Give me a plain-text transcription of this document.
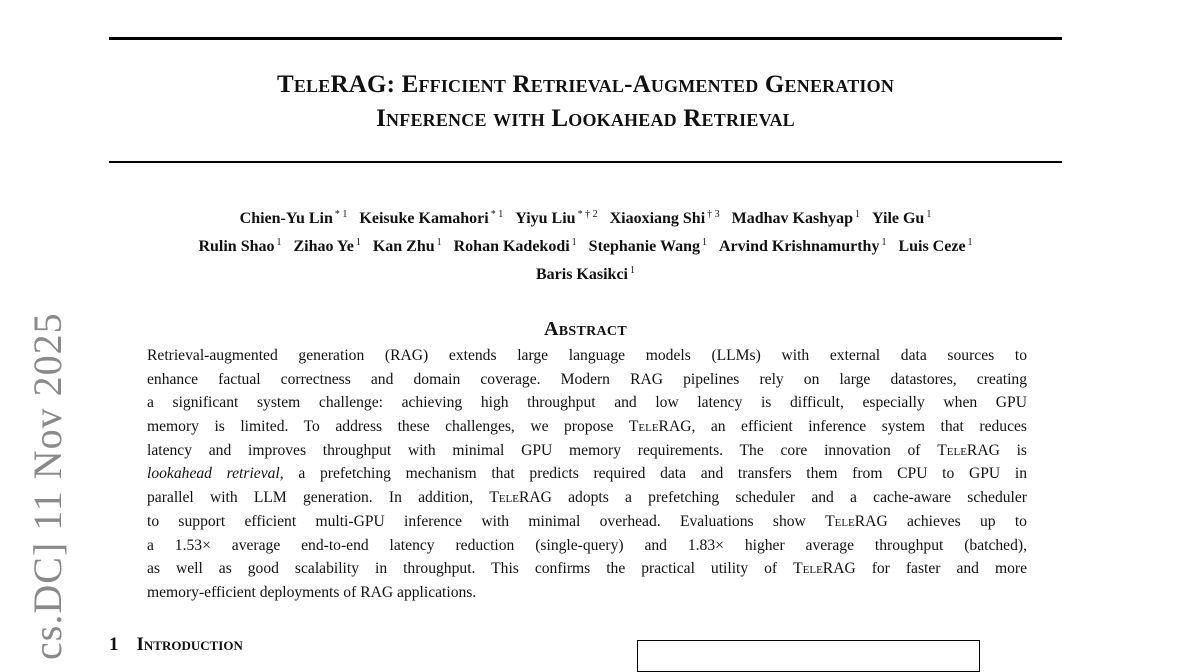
TeleRAG: Efficient Retrieval-Augmented Generation
Inference with Lookahead Retrieval
Chien-Yu Lin $^{* 1}$ Keisuke Kamahori $^{* 1}$ Yiyu Liu $^{* \dagger 2}$ Xiaoxiang Shi $^{\dagger 3}$ Madhav Kashyap $^1$ Yile Gu $^1$
Rulin Shao $^1$ Zihao Ye $^1$ Kan Zhu $^1$ Rohan Kadekodi $^1$ Stephanie Wang $^1$ Arvind Krishnamurthy $^1$ Luis Ceze $^1$
Baris Kasikci $^1$
Abstract
Retrieval-augmented generation (RAG) extends large language models (LLMs) with external data sources to
enhance factual correctness and domain coverage. Modern RAG pipelines rely on large datastores, creating
a significant system challenge: achieving high throughput and low latency is difficult, especially when GPU
memory is limited. To address these challenges, we propose TeleRAG, an efficient inference system that reduces
latency and improves throughput with minimal GPU memory requirements. The core innovation of TeleRAG is
lookahead retrieval, a prefetching mechanism that predicts required data and transfers them from CPU to GPU in
parallel with LLM generation. In addition, TeleRAG adopts a prefetching scheduler and a cache-aware scheduler
to support efficient multi-GPU inference with minimal overhead. Evaluations show TeleRAG achieves up to
a 1.53× average end-to-end latency reduction (single-query) and 1.83× higher average throughput (batched),
as well as good scalability in throughput. This confirms the practical utility of TeleRAG for faster and more
memory-efficient deployments of RAG applications.
cs.DC] 11 Nov 2025 1 Introduction
